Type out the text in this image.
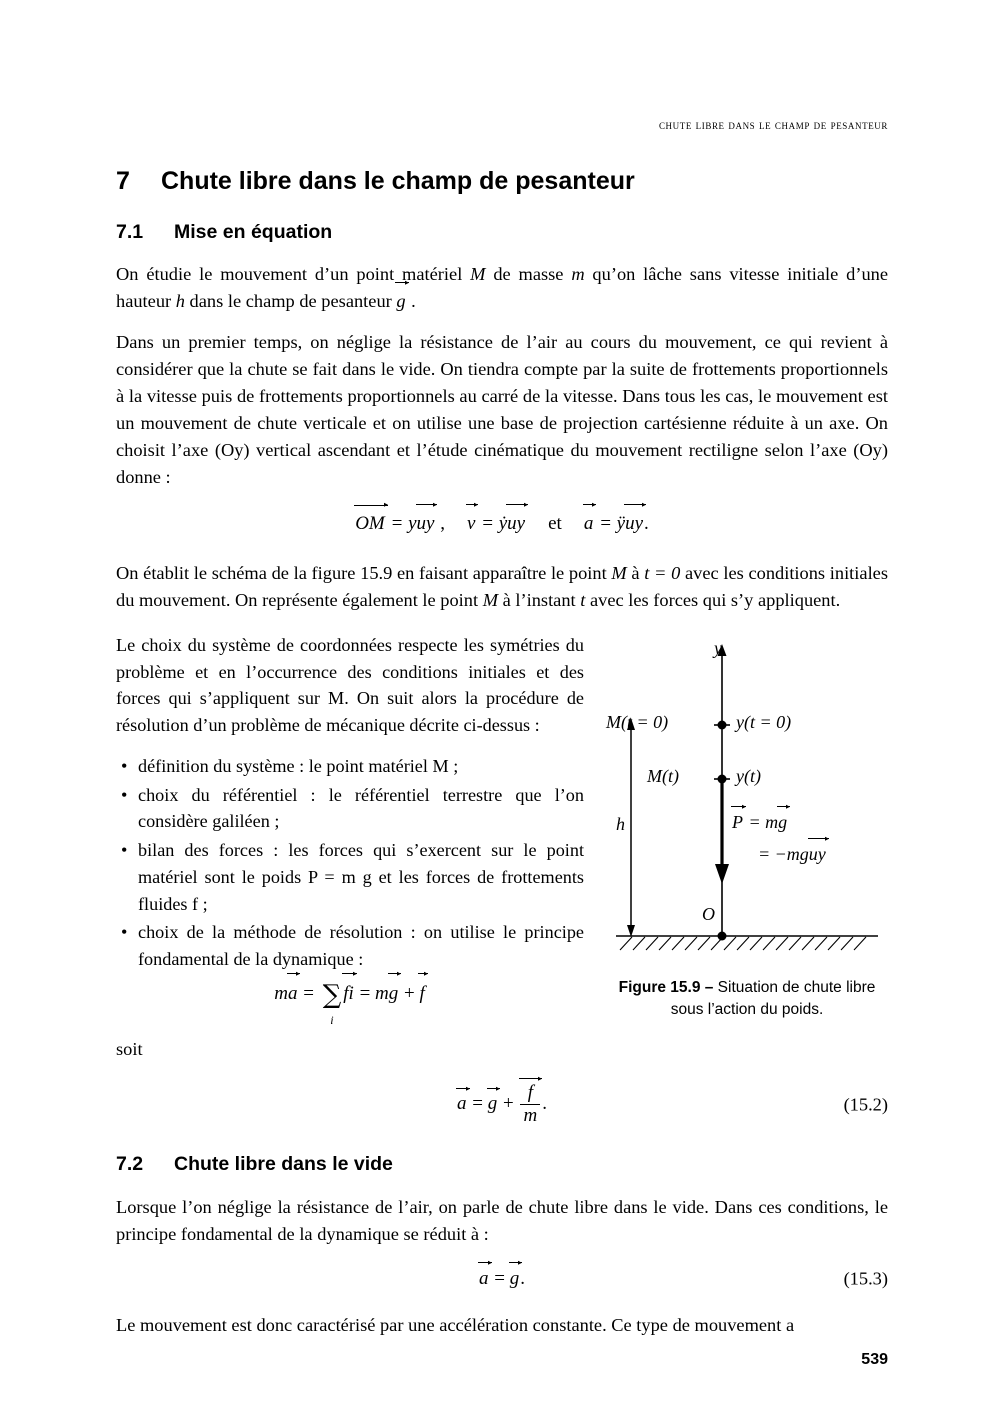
chute libre dans le champ de pesanteur
7 Chute libre dans le champ de pesanteur
7.1 Mise en équation

On étudie le mouvement d’un point matériel M de masse m qu’on lâche sans vitesse initiale d’une hauteur h dans le champ de pesanteur g .

Dans un premier temps, on néglige la résistance de l’air au cours du mouvement, ce qui revient à considérer que la chute se fait dans le vide. On tiendra compte par la suite de frottements proportionnels à la vitesse puis de frottements proportionnels au carré de la vitesse. Dans tous les cas, le mouvement est un mouvement de chute verticale et on utilise une base de projection cartésienne réduite à un axe. On choisit l’axe (Oy) vertical ascendant et l’étude cinématique du mouvement rectiligne selon l’axe (Oy) donne :

OM = yuy , v = ẏuy et a = ÿuy.

On établit le schéma de la figure 15.9 en faisant apparaître le point M à t = 0 avec les conditions initiales du mouvement. On représente également le point M à l’instant t avec les forces qui s’y appliquent.

Le choix du système de coordonnées respecte les symétries du problème et en l’occurrence des conditions initiales et des forces qui s’appliquent sur M. On suit alors la procédure de résolution d’un problème de mécanique décrite ci-dessus :

• définition du système : le point matériel M ;
• choix du référentiel : le référentiel terrestre que l’on considère galiléen ;
• bilan des forces : les forces qui s’exercent sur le point matériel sont le poids P = m g et les forces de frottements fluides f ;
• choix de la méthode de résolution : on utilise le principe fondamental de la dynamique :
y
M(t = 0)	y(t = 0)
M(t)	y(t)
h	P = mg
= −mguy
O
Figure 15.9 – Situation de chute libre sous l’action du poids.
ma = ∑
i
fi = mg + f

soit

$a = g + \frac{f}{m}$ .	(15.2)
7.2 Chute libre dans le vide

Lorsque l’on néglige la résistance de l’air, on parle de chute libre dans le vide. Dans ces conditions, le principe fondamental de la dynamique se réduit à :

a = g.	(15.3)

Le mouvement est donc caractérisé par une accélération constante. Ce type de mouvement a

539
